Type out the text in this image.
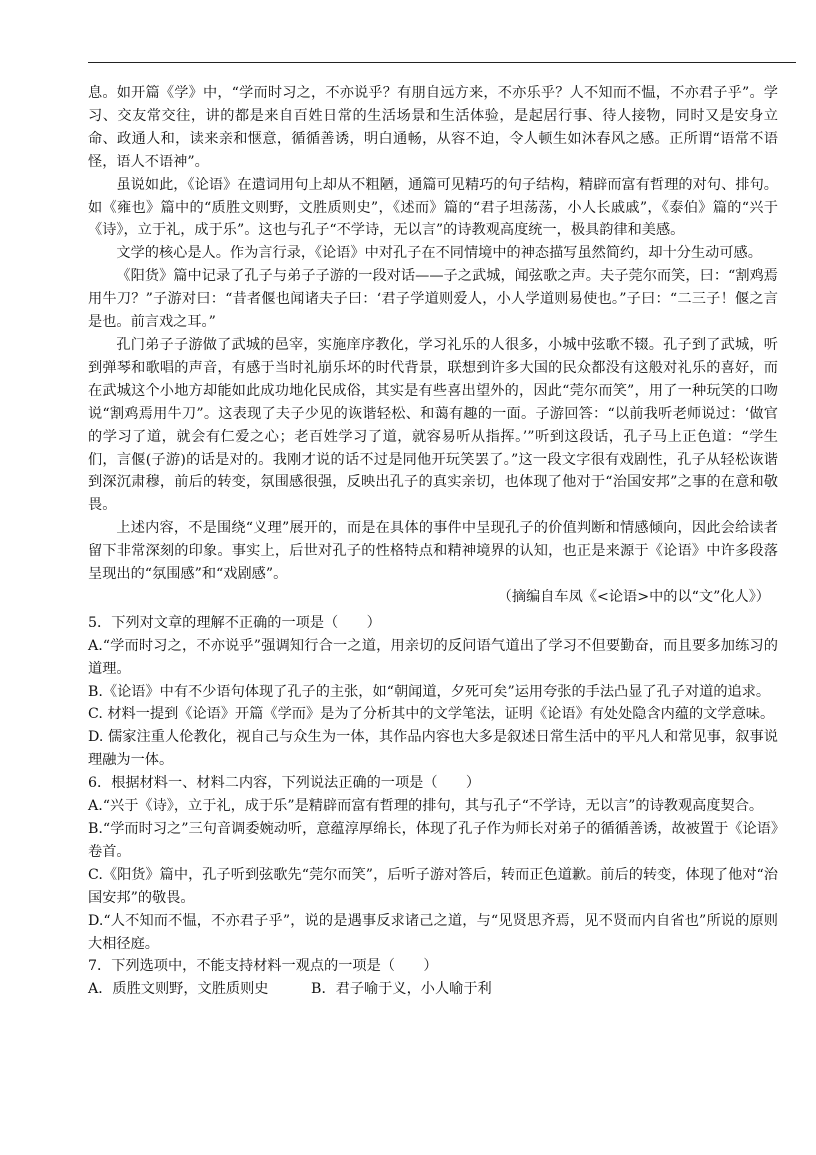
息。如开篇《学》中，“学而时习之，不亦说乎？有朋自远方来，不亦乐乎？人不知而不愠，不亦君子乎”。学习、交友常交往，讲的都是来自百姓日常的生活场景和生活体验，是起居行事、待人接物，同时又是安身立命、政通人和，读来亲和惬意，循循善诱，明白通畅，从容不迫，令人顿生如沐春风之感。正所谓“语常不语怪，语人不语神”。

虽说如此，《论语》在遣词用句上却从不粗陋，通篇可见精巧的句子结构，精辟而富有哲理的对句、排句。如《雍也》篇中的“质胜文则野，文胜质则史”，《述而》篇的“君子坦荡荡，小人长戚戚”，《泰伯》篇的“兴于《诗》，立于礼，成于乐”。这也与孔子“不学诗，无以言”的诗教观高度统一，极具韵律和美感。

文学的核心是人。作为言行录，《论语》中对孔子在不同情境中的神态描写虽然简约，却十分生动可感。

《阳货》篇中记录了孔子与弟子子游的一段对话——子之武城，闻弦歌之声。夫子莞尔而笑，曰：“割鸡焉用牛刀？”子游对曰：“昔者偃也闻诸夫子曰：‘君子学道则爱人，小人学道则易使也。”子曰：“二三子！偃之言是也。前言戏之耳。”

孔门弟子子游做了武城的邑宰，实施庠序教化，学习礼乐的人很多，小城中弦歌不辍。孔子到了武城，听到弹琴和歌唱的声音，有感于当时礼崩乐坏的时代背景，联想到许多大国的民众都没有这般对礼乐的喜好，而在武城这个小地方却能如此成功地化民成俗，其实是有些喜出望外的，因此“莞尔而笑”，用了一种玩笑的口吻说“割鸡焉用牛刀”。这表现了夫子少见的诙谐轻松、和蔼有趣的一面。子游回答：“以前我听老师说过：‘做官的学习了道，就会有仁爱之心；老百姓学习了道，就容易听从指挥。’”听到这段话，孔子马上正色道：“学生们，言偃(子游)的话是对的。我刚才说的话不过是同他开玩笑罢了。”这一段文字很有戏剧性，孔子从轻松诙谐到深沉肃穆，前后的转变，氛围感很强，反映出孔子的真实亲切，也体现了他对于“治国安邦”之事的在意和敬畏。

上述内容，不是围绕“义理”展开的，而是在具体的事件中呈现孔子的价值判断和情感倾向，因此会给读者留下非常深刻的印象。事实上，后世对孔子的性格特点和精神境界的认知，也正是来源于《论语》中许多段落呈现出的“氛围感”和“戏剧感”。

（摘编自车凤《<论语>中的以“文”化人》）

5．下列对文章的理解不正确的一项是（　　）

A.“学而时习之，不亦说乎”强调知行合一之道，用亲切的反问语气道出了学习不但要勤奋，而且要多加练习的道理。

B.《论语》中有不少语句体现了孔子的主张，如“朝闻道，夕死可矣”运用夸张的手法凸显了孔子对道的追求。

C. 材料一提到《论语》开篇《学而》是为了分析其中的文学笔法，证明《论语》有处处隐含内蕴的文学意味。

D. 儒家注重人伦教化，视自己与众生为一体，其作品内容也大多是叙述日常生活中的平凡人和常见事，叙事说理融为一体。

6．根据材料一、材料二内容，下列说法正确的一项是（　　）

A.“兴于《诗》，立于礼，成于乐”是精辟而富有哲理的排句，其与孔子“不学诗，无以言”的诗教观高度契合。

B.“学而时习之”三句音调委婉动听，意蕴淳厚绵长，体现了孔子作为师长对弟子的循循善诱，故被置于《论语》卷首。

C.《阳货》篇中，孔子听到弦歌先“莞尔而笑”，后听子游对答后，转而正色道歉。前后的转变，体现了他对“治国安邦”的敬畏。

D.“人不知而不愠，不亦君子乎”，说的是遇事反求诸己之道，与“见贤思齐焉，见不贤而内自省也”所说的原则大相径庭。

7．下列选项中，不能支持材料一观点的一项是（　　）

A．质胜文则野，文胜质则史　　　B．君子喻于义，小人喻于利
